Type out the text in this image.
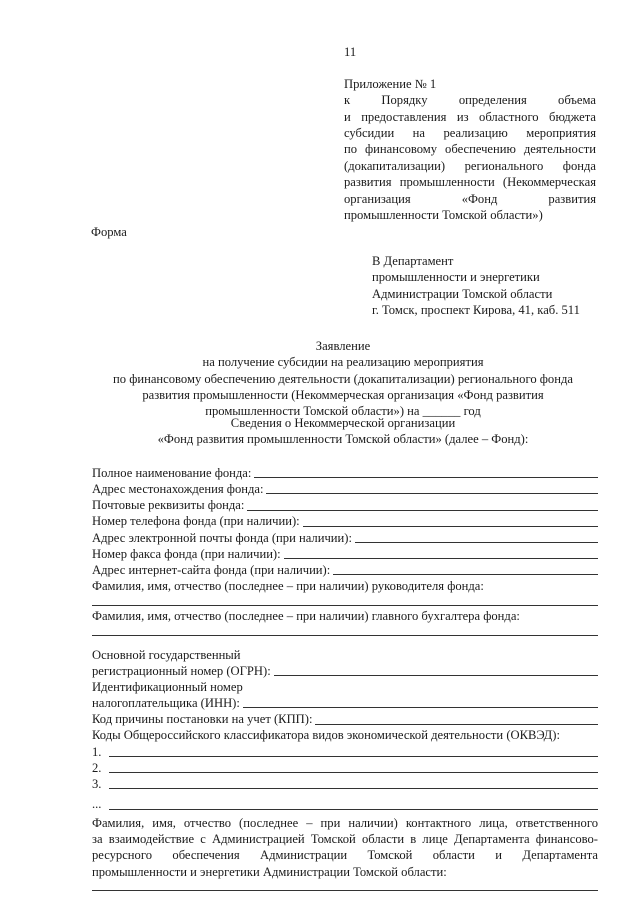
11
Приложение № 1
к Порядку определения объема
и предоставления из областного бюджета
субсидии на реализацию мероприятия
по финансовому обеспечению деятельности
(докапитализации) регионального фонда
развития промышленности (Некоммерческая
организация «Фонд развития
промышленности Томской области»)
Форма
В Департамент
промышленности и энергетики
Администрации Томской области
г. Томск, проспект Кирова, 41, каб. 511
Заявление
на получение субсидии на реализацию мероприятия
по финансовому обеспечению деятельности (докапитализации) регионального фонда
развития промышленности (Некоммерческая организация «Фонд развития
промышленности Томской области») на ______ год
Сведения о Некоммерческой организации
«Фонд развития промышленности Томской области» (далее – Фонд):
Полное наименование фонда:
Адрес местонахождения фонда:
Почтовые реквизиты фонда:
Номер телефона фонда (при наличии):
Адрес электронной почты фонда (при наличии):
Номер факса фонда (при наличии):
Адрес интернет-сайта фонда (при наличии):
Фамилия, имя, отчество (последнее – при наличии) руководителя фонда:
Фамилия, имя, отчество (последнее – при наличии) главного бухгалтера фонда:
Основной государственный
регистрационный номер (ОГРН):
Идентификационный номер
налогоплательщика (ИНН):
Код причины постановки на учет (КПП):
Коды Общероссийского классификатора видов экономической деятельности (ОКВЭД):
1.
2.
3.
...
Фамилия, имя, отчество (последнее – при наличии) контактного лица, ответственного
за взаимодействие с Администрацией Томской области в лице Департамента финансово-
ресурсного обеспечения Администрации Томской области и Департамента
промышленности и энергетики Администрации Томской области:
